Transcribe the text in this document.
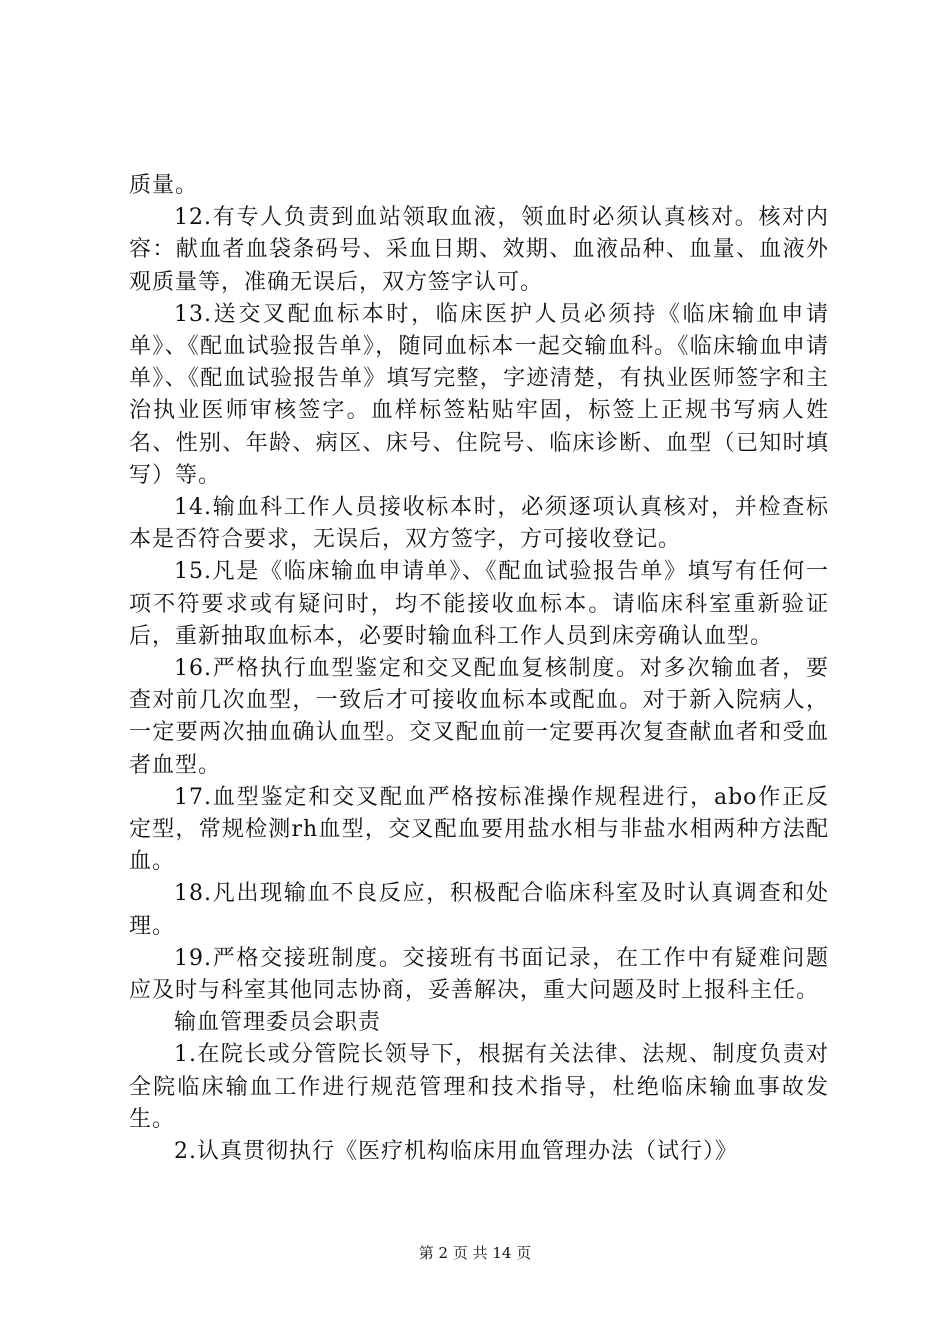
质量。

12.有专人负责到血站领取血液，领血时必须认真核对。核对内容：献血者血袋条码号、采血日期、效期、血液品种、血量、血液外观质量等，准确无误后，双方签字认可。

13.送交叉配血标本时，临床医护人员必须持《临床输血申请单》、《配血试验报告单》，随同血标本一起交输血科。《临床输血申请单》、《配血试验报告单》填写完整，字迹清楚，有执业医师签字和主治执业医师审核签字。血样标签粘贴牢固，标签上正规书写病人姓名、性别、年龄、病区、床号、住院号、临床诊断、血型（已知时填写）等。

14.输血科工作人员接收标本时，必须逐项认真核对，并检查标本是否符合要求，无误后，双方签字，方可接收登记。

15.凡是《临床输血申请单》、《配血试验报告单》填写有任何一项不符要求或有疑问时，均不能接收血标本。请临床科室重新验证后，重新抽取血标本，必要时输血科工作人员到床旁确认血型。

16.严格执行血型鉴定和交叉配血复核制度。对多次输血者，要查对前几次血型，一致后才可接收血标本或配血。对于新入院病人，一定要两次抽血确认血型。交叉配血前一定要再次复查献血者和受血者血型。

17.血型鉴定和交叉配血严格按标准操作规程进行，abo作正反定型，常规检测rh血型，交叉配血要用盐水相与非盐水相两种方法配血。

18.凡出现输血不良反应，积极配合临床科室及时认真调查和处理。

19.严格交接班制度。交接班有书面记录，在工作中有疑难问题应及时与科室其他同志协商，妥善解决，重大问题及时上报科主任。

输血管理委员会职责

1.在院长或分管院长领导下，根据有关法律、法规、制度负责对全院临床输血工作进行规范管理和技术指导，杜绝临床输血事故发生。

2.认真贯彻执行《医疗机构临床用血管理办法（试行）》

第 2 页 共 14 页
